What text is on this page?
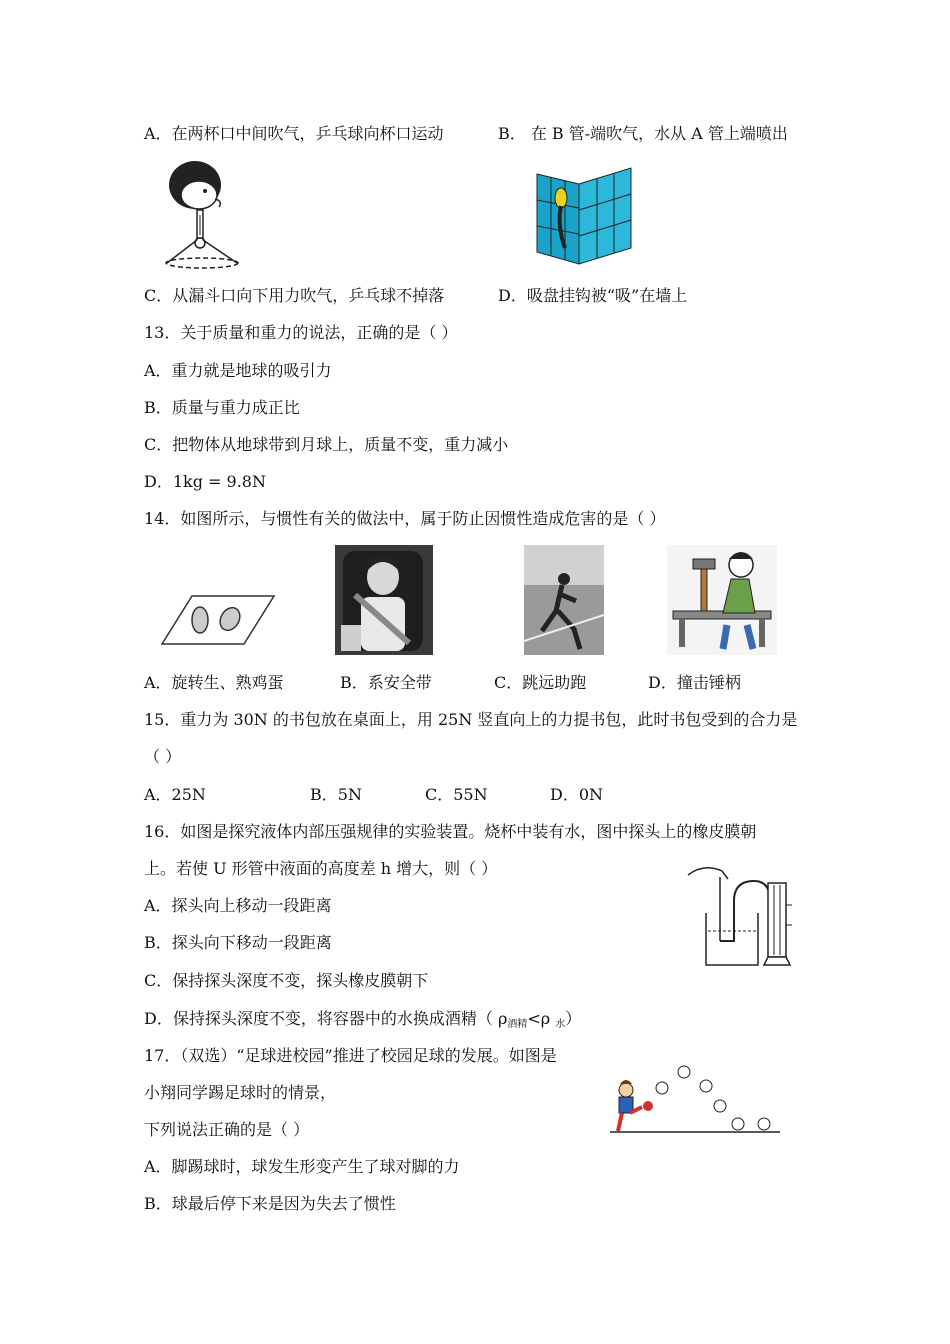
A．在两杯口中间吹气，乒乓球向杯口运动	B． 在 B 管-端吹气，水从 A 管上端喷出
C．从漏斗口向下用力吹气，乒乓球不掉落	D．吸盘挂钩被“吸”在墙上
13．关于质量和重力的说法，正确的是（ ）
A．重力就是地球的吸引力
B．质量与重力成正比
C．把物体从地球带到月球上，质量不变，重力减小
D．1kg = 9.8N
14．如图所示，与惯性有关的做法中，属于防止因惯性造成危害的是（ ）
A．旋转生、熟鸡蛋	B．系安全带	C．跳远助跑	D．撞击锤柄
15．重力为 30N 的书包放在桌面上，用 25N 竖直向上的力提书包，此时书包受到的合力是
（ ）
A．25N	B．5N	C．55N	D．0N
16．如图是探究液体内部压强规律的实验装置。烧杯中装有水，图中探头上的橡皮膜朝
上。若使 U 形管中液面的高度差 h 增大，则（ ）
A．探头向上移动一段距离
B．探头向下移动一段距离
C．保持探头深度不变，探头橡皮膜朝下
D．保持探头深度不变，将容器中的水换成酒精（ $\rho_{酒精}<\rho$ $_水$）
17．（双选）“足球进校园”推进了校园足球的发展。如图是
小翔同学踢足球时的情景，
下列说法正确的是（ ）
A．脚踢球时，球发生形变产生了球对脚的力
B．球最后停下来是因为失去了惯性
